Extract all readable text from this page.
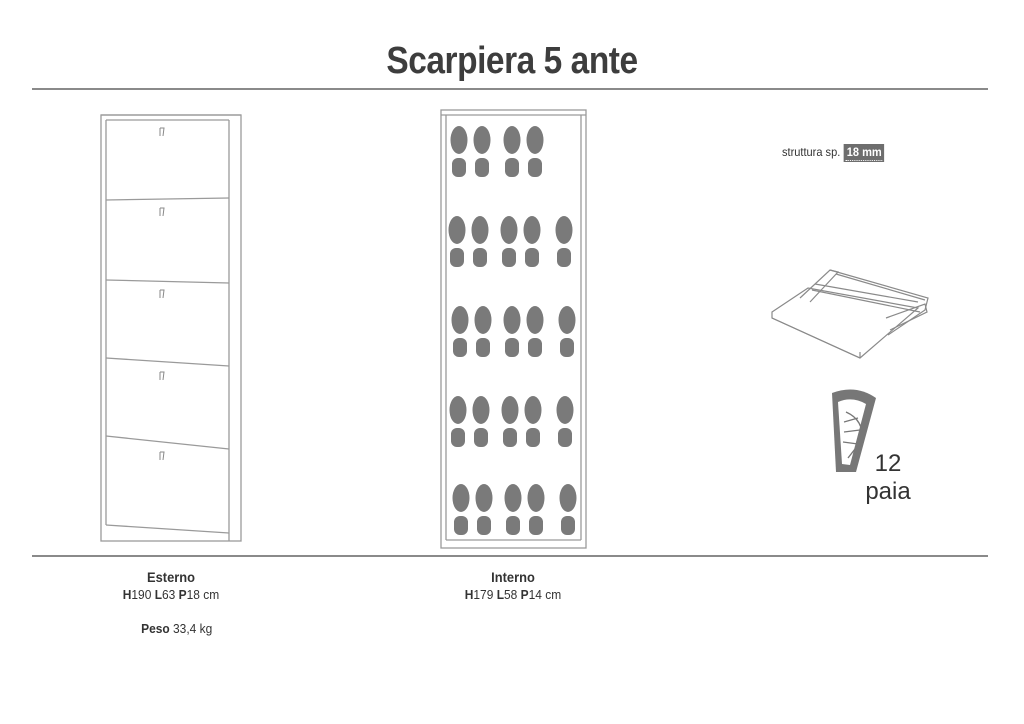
Scarpiera 5 ante
struttura sp. 18 mm
12
paia
Esterno
H190 L63 P18 cm
Peso 33,4 kg
Interno
H179 L58 P14 cm
